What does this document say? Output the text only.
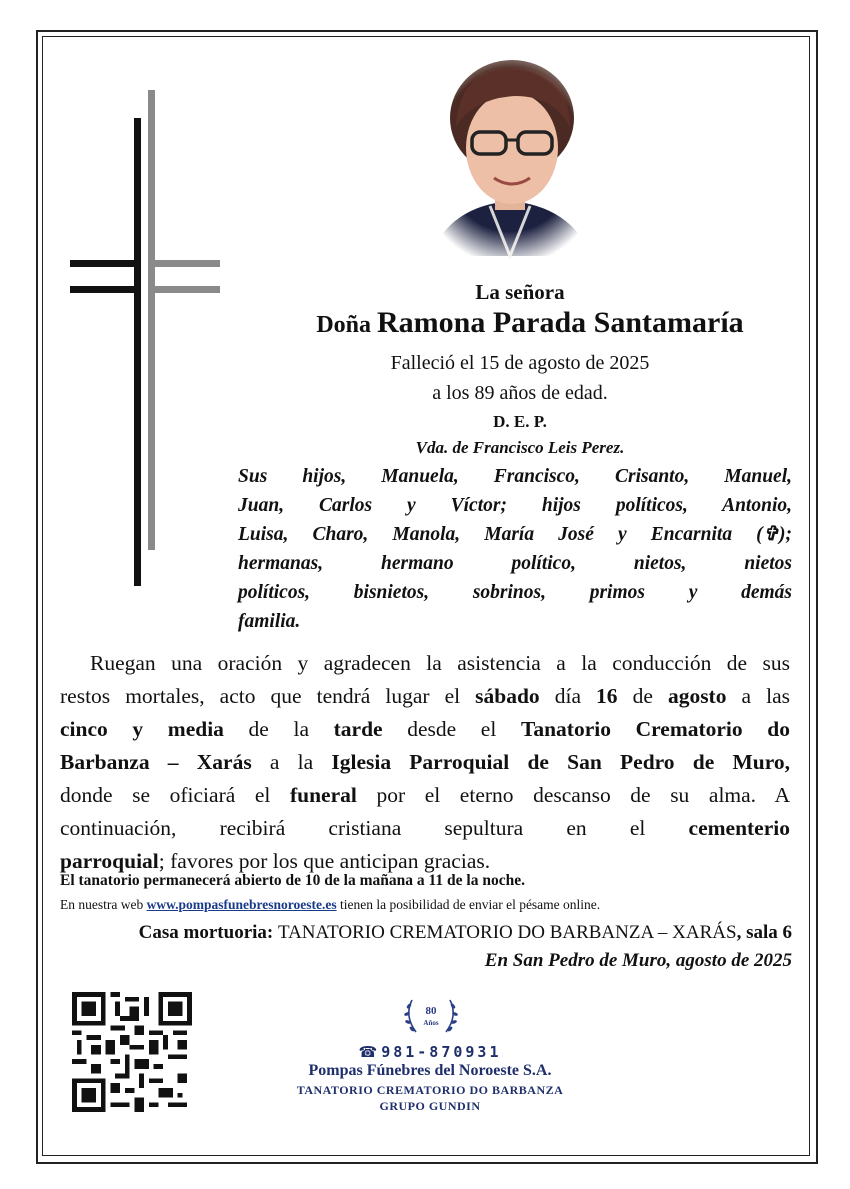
La señora

Doña Ramona Parada Santamaría

Falleció el 15 de agosto de 2025

a los 89 años de edad.

D. E. P.

Vda. de Francisco Leis Perez.

Sus hijos, Manuela, Francisco, Crisanto, Manuel,
Juan, Carlos y Víctor; hijos políticos, Antonio,
Luisa, Charo, Manola, María José y Encarnita (✞);
hermanas, hermano político, nietos, nietos
políticos, bisnietos, sobrinos, primos y demás
familia.
Ruegan una oración y agradecen la asistencia a la conducción de sus
restos mortales, acto que tendrá lugar el sábado día 16 de agosto a las
cinco y media de la tarde desde el Tanatorio Crematorio do
Barbanza – Xarás a la Iglesia Parroquial de San Pedro de Muro,
donde se oficiará el funeral por el eterno descanso de su alma. A
continuación, recibirá cristiana sepultura en el cementerio
parroquial; favores por los que anticipan gracias.

El tanatorio permanecerá abierto de 10 de la mañana a 11 de la noche.

En nuestra web www.pompasfunebresnoroeste.es tienen la posibilidad de enviar el pésame online.

Casa mortuoria: TANATORIO CREMATORIO DO BARBANZA – XARÁS, sala 6

En San Pedro de Muro, agosto de 2025

80
Años

☎ 981-870931

Pompas Fúnebres del Noroeste S.A.

TANATORIO CREMATORIO DO BARBANZA

GRUPO GUNDIN
